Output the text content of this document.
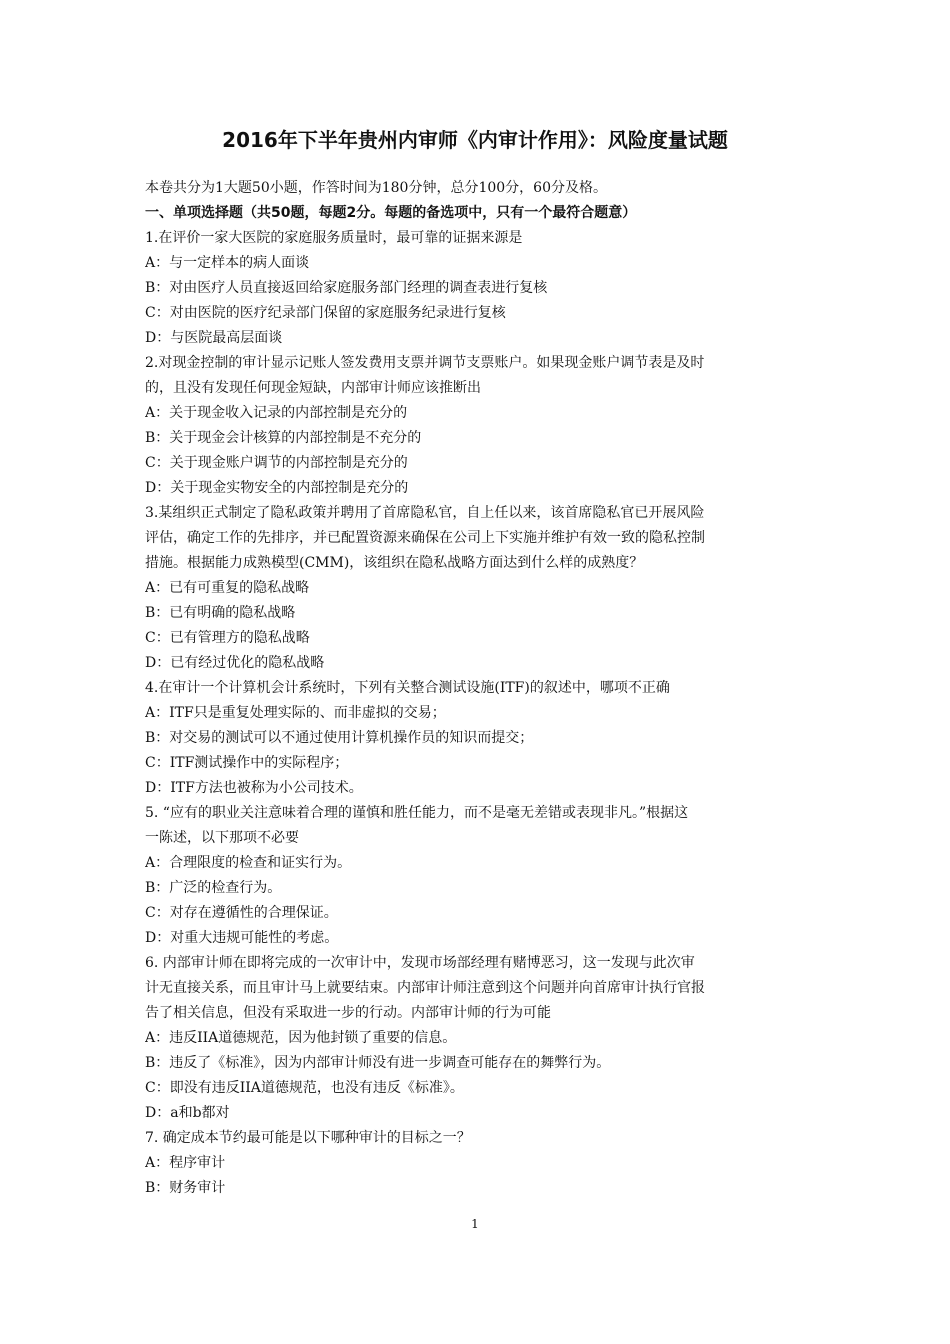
2016年下半年贵州内审师《内审计作用》：风险度量试题
本卷共分为1大题50小题，作答时间为180分钟，总分100分，60分及格。
一、单项选择题（共50题，每题2分。每题的备选项中，只有一个最符合题意）
1.在评价一家大医院的家庭服务质量时，最可靠的证据来源是
A：与一定样本的病人面谈
B：对由医疗人员直接返回给家庭服务部门经理的调查表进行复核
C：对由医院的医疗纪录部门保留的家庭服务纪录进行复核
D：与医院最高层面谈
2.对现金控制的审计显示记账人签发费用支票并调节支票账户。如果现金账户调节表是及时
的，且没有发现任何现金短缺，内部审计师应该推断出
A：关于现金收入记录的内部控制是充分的
B：关于现金会计核算的内部控制是不充分的
C：关于现金账户调节的内部控制是充分的
D：关于现金实物安全的内部控制是充分的
3.某组织正式制定了隐私政策并聘用了首席隐私官，自上任以来，该首席隐私官已开展风险
评估，确定工作的先排序，并已配置资源来确保在公司上下实施并维护有效一致的隐私控制
措施。根据能力成熟模型(CMM)，该组织在隐私战略方面达到什么样的成熟度？
A：已有可重复的隐私战略
B：已有明确的隐私战略
C：已有管理方的隐私战略
D：已有经过优化的隐私战略
4.在审计一个计算机会计系统时，下列有关整合测试设施(ITF)的叙述中，哪项不正确
A：ITF只是重复处理实际的、而非虚拟的交易；
B：对交易的测试可以不通过使用计算机操作员的知识而提交；
C：ITF测试操作中的实际程序；
D：ITF方法也被称为小公司技术。
5. “应有的职业关注意味着合理的谨慎和胜任能力，而不是毫无差错或表现非凡。”根据这
一陈述，以下那项不必要
A：合理限度的检查和证实行为。
B：广泛的检查行为。
C：对存在遵循性的合理保证。
D：对重大违规可能性的考虑。
6. 内部审计师在即将完成的一次审计中，发现市场部经理有赌博恶习，这一发现与此次审
计无直接关系，而且审计马上就要结束。内部审计师注意到这个问题并向首席审计执行官报
告了相关信息，但没有采取进一步的行动。内部审计师的行为可能
A：违反IIA道德规范，因为他封锁了重要的信息。
B：违反了《标准》，因为内部审计师没有进一步调查可能存在的舞弊行为。
C：即没有违反IIA道德规范，也没有违反《标准》。
D：a和b都对
7. 确定成本节约最可能是以下哪种审计的目标之一？
A：程序审计
B：财务审计
1
